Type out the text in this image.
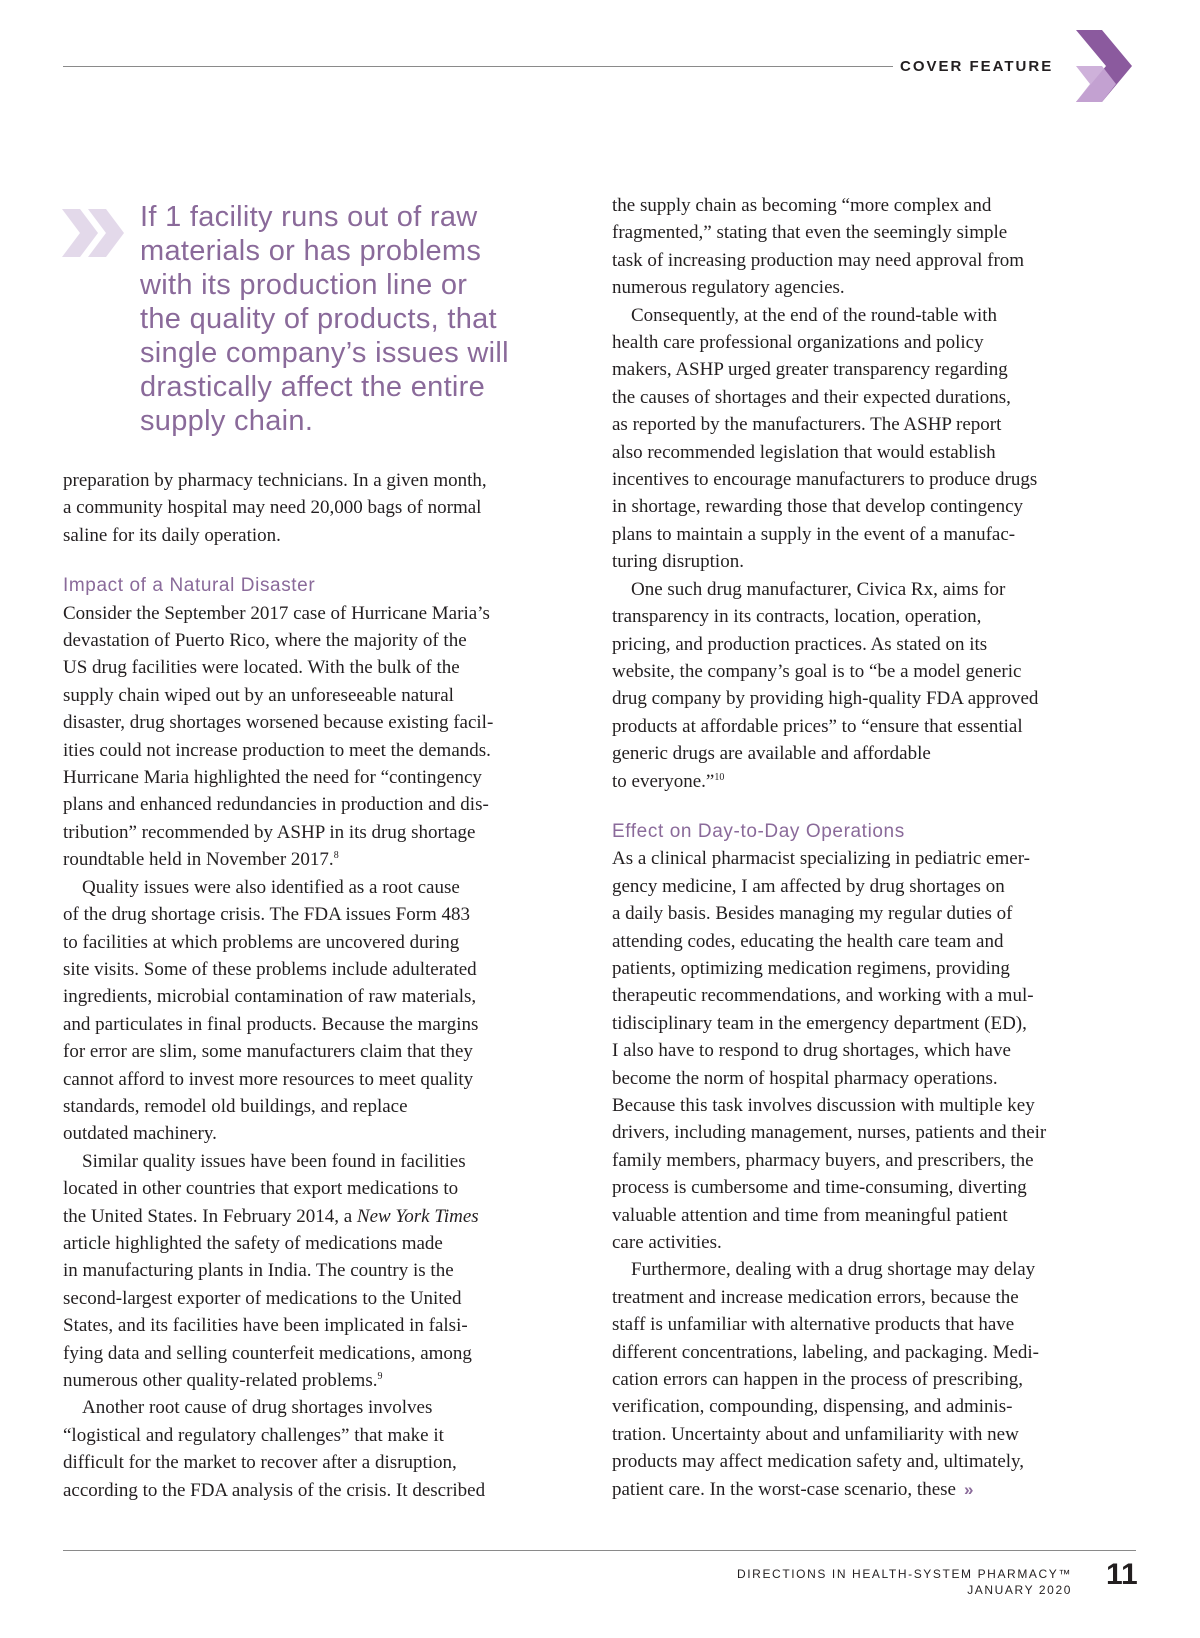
COVER FEATURE
If 1 facility runs out of raw
materials or has problems
with its production line or
the quality of products, that
single company’s issues will
drastically affect the entire
supply chain.
preparation by pharmacy technicians. In a given month,
a community hospital may need 20,000 bags of normal
saline for its daily operation.
Impact of a Natural Disaster
Consider the September 2017 case of Hurricane Maria’s
devastation of Puerto Rico, where the majority of the
US drug facilities were located. With the bulk of the
supply chain wiped out by an unforeseeable natural
disaster, drug shortages worsened because existing facil-
ities could not increase production to meet the demands.
Hurricane Maria highlighted the need for “contingency
plans and enhanced redundancies in production and dis-
tribution” recommended by ASHP in its drug shortage
roundtable held in November 2017.$^8$
Quality issues were also identified as a root cause
of the drug shortage crisis. The FDA issues Form 483
to facilities at which problems are uncovered during
site visits. Some of these problems include adulterated
ingredients, microbial contamination of raw materials,
and particulates in final products. Because the margins
for error are slim, some manufacturers claim that they
cannot afford to invest more resources to meet quality
standards, remodel old buildings, and replace
outdated machinery.
Similar quality issues have been found in facilities
located in other countries that export medications to
the United States. In February 2014, a New York Times
article highlighted the safety of medications made
in manufacturing plants in India. The country is the
second-largest exporter of medications to the United
States, and its facilities have been implicated in falsi-
fying data and selling counterfeit medications, among
numerous other quality-related problems.$^9$
Another root cause of drug shortages involves
“logistical and regulatory challenges” that make it
difficult for the market to recover after a disruption,
according to the FDA analysis of the crisis. It described
the supply chain as becoming “more complex and
fragmented,” stating that even the seemingly simple
task of increasing production may need approval from
numerous regulatory agencies.
Consequently, at the end of the round-table with
health care professional organizations and policy
makers, ASHP urged greater transparency regarding
the causes of shortages and their expected durations,
as reported by the manufacturers. The ASHP report
also recommended legislation that would establish
incentives to encourage manufacturers to produce drugs
in shortage, rewarding those that develop contingency
plans to maintain a supply in the event of a manufac-
turing disruption.
One such drug manufacturer, Civica Rx, aims for
transparency in its contracts, location, operation,
pricing, and production practices. As stated on its
website, the company’s goal is to “be a model generic
drug company by providing high-quality FDA approved
products at affordable prices” to “ensure that essential
generic drugs are available and affordable
to everyone.”$^{10}$
Effect on Day-to-Day Operations
As a clinical pharmacist specializing in pediatric emer-
gency medicine, I am affected by drug shortages on
a daily basis. Besides managing my regular duties of
attending codes, educating the health care team and
patients, optimizing medication regimens, providing
therapeutic recommendations, and working with a mul-
tidisciplinary team in the emergency department (ED),
I also have to respond to drug shortages, which have
become the norm of hospital pharmacy operations.
Because this task involves discussion with multiple key
drivers, including management, nurses, patients and their
family members, pharmacy buyers, and prescribers, the
process is cumbersome and time-consuming, diverting
valuable attention and time from meaningful patient
care activities.
Furthermore, dealing with a drug shortage may delay
treatment and increase medication errors, because the
staff is unfamiliar with alternative products that have
different concentrations, labeling, and packaging. Medi-
cation errors can happen in the process of prescribing,
verification, compounding, dispensing, and adminis-
tration. Uncertainty about and unfamiliarity with new
products may affect medication safety and, ultimately,
patient care. In the worst-case scenario, these »
DIRECTIONS IN HEALTH-SYSTEM PHARMACY™
JANUARY 2020 11
